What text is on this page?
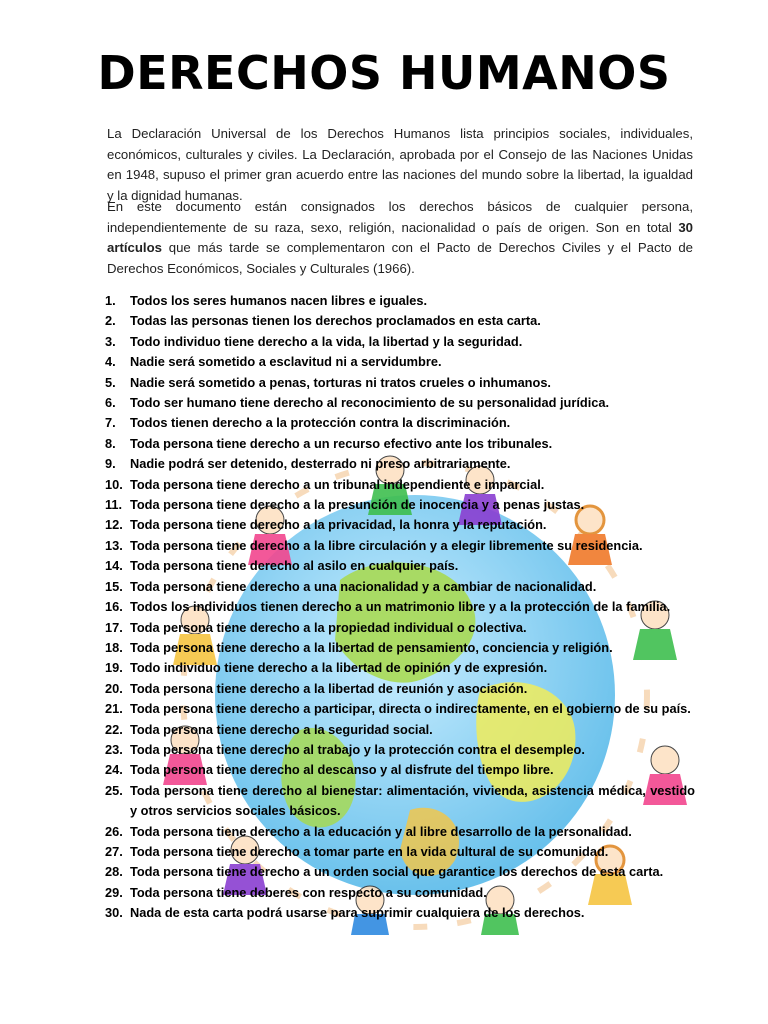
DERECHOS HUMANOS

La Declaración Universal de los Derechos Humanos lista principios sociales, individuales, económicos, culturales y civiles. La Declaración, aprobada por el Consejo de las Naciones Unidas en 1948, supuso el primer gran acuerdo entre las naciones del mundo sobre la libertad, la igualdad y la dignidad humanas.

En este documento están consignados los derechos básicos de cualquier persona, independientemente de su raza, sexo, religión, nacionalidad o país de origen. Son en total 30 artículos que más tarde se complementaron con el Pacto de Derechos Civiles y el Pacto de Derechos Económicos, Sociales y Culturales (1966).

1. Todos los seres humanos nacen libres e iguales.
2. Todas las personas tienen los derechos proclamados en esta carta.
3. Todo individuo tiene derecho a la vida, la libertad y la seguridad.
4. Nadie será sometido a esclavitud ni a servidumbre.
5. Nadie será sometido a penas, torturas ni tratos crueles o inhumanos.
6. Todo ser humano tiene derecho al reconocimiento de su personalidad jurídica.
7. Todos tienen derecho a la protección contra la discriminación.
8. Toda persona tiene derecho a un recurso efectivo ante los tribunales.
9. Nadie podrá ser detenido, desterrado ni preso arbitrariamente.
10. Toda persona tiene derecho a un tribunal independiente e imparcial.
11. Toda persona tiene derecho a la presunción de inocencia y a penas justas.
12. Toda persona tiene derecho a la privacidad, la honra y la reputación.
13. Toda persona tiene derecho a la libre circulación y a elegir libremente su residencia.
14. Toda persona tiene derecho al asilo en cualquier país.
15. Toda persona tiene derecho a una nacionalidad y a cambiar de nacionalidad.
16. Todos los individuos tienen derecho a un matrimonio libre y a la protección de la familia.
17. Toda persona tiene derecho a la propiedad individual o colectiva.
18. Toda persona tiene derecho a la libertad de pensamiento, conciencia y religión.
19. Todo individuo tiene derecho a la libertad de opinión y de expresión.
20. Toda persona tiene derecho a la libertad de reunión y asociación.
21. Toda persona tiene derecho a participar, directa o indirectamente, en el gobierno de su país.
22. Toda persona tiene derecho a la seguridad social.
23. Toda persona tiene derecho al trabajo y la protección contra el desempleo.
24. Toda persona tiene derecho al descanso y al disfrute del tiempo libre.
25. Toda persona tiene derecho al bienestar: alimentación, vivienda, asistencia médica, vestido y otros servicios sociales básicos.
26. Toda persona tiene derecho a la educación y al libre desarrollo de la personalidad.
27. Toda persona tiene derecho a tomar parte en la vida cultural de su comunidad.
28. Toda persona tiene derecho a un orden social que garantice los derechos de esta carta.
29. Toda persona tiene deberes con respecto a su comunidad.
30. Nada de esta carta podrá usarse para suprimir cualquiera de los derechos.
